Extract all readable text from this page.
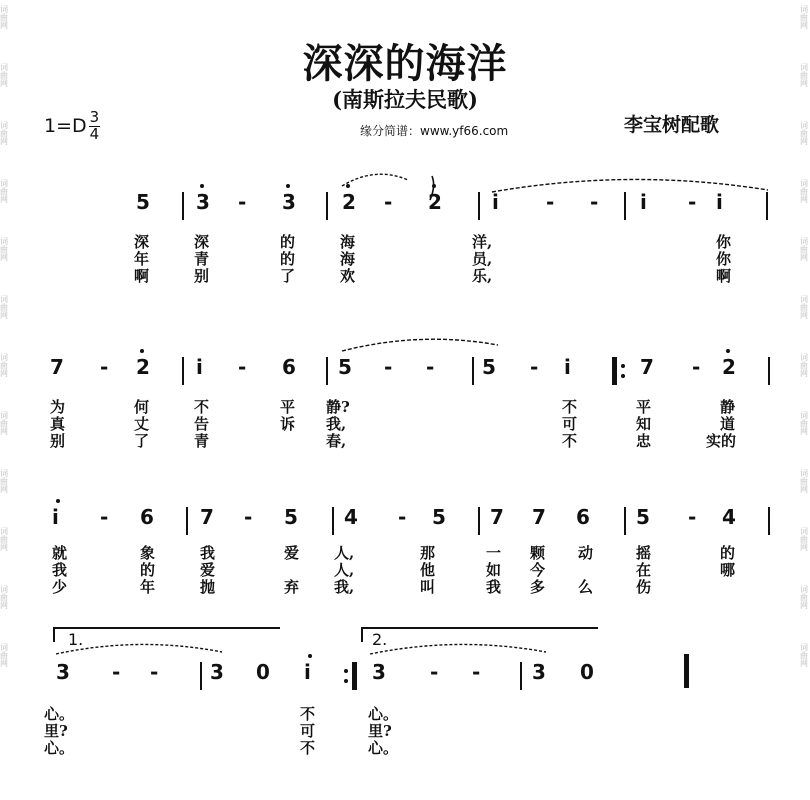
词曲网
词曲网
词曲网
词曲网
词曲网
词曲网
词曲网
词曲网
词曲网
词曲网
词曲网
词曲网
词曲网
词曲网
词曲网
词曲网
词曲网
词曲网
词曲网
词曲网
词曲网
词曲网
词曲网
词曲网
深深的海洋
(南斯拉夫民歌)
$1=D \frac{3}{4}$	缘分简谱：www.yf66.com	李宝树配歌
5 3 - 3 2 - 2	i - - i - i
深	深	的	海	洋,	你
年	青	的	海	员,	你
啊	别	了	欢	乐,	啊
7 - 2 i - 6 5 - - 5 - i	7 - 2
为	何	不	平 静?	不	平	静
真	丈	告	诉 我,	可	知	道
别	了	青	春,	不	忠	实的
i - 6 7 - 5 4 - 5 7 7 6 5 - 4
就	象	我	爱 人,	那	一 颗 动	摇	的
我	的	爱	人,	他	如 今	在	哪
少	年	抛	弃 我,	叫	我 多 么	伤
1.	2.
3 - -	3 0 i	3 - -	3 0
心。	不	心。
里?	可	里?
心。	不	心。
